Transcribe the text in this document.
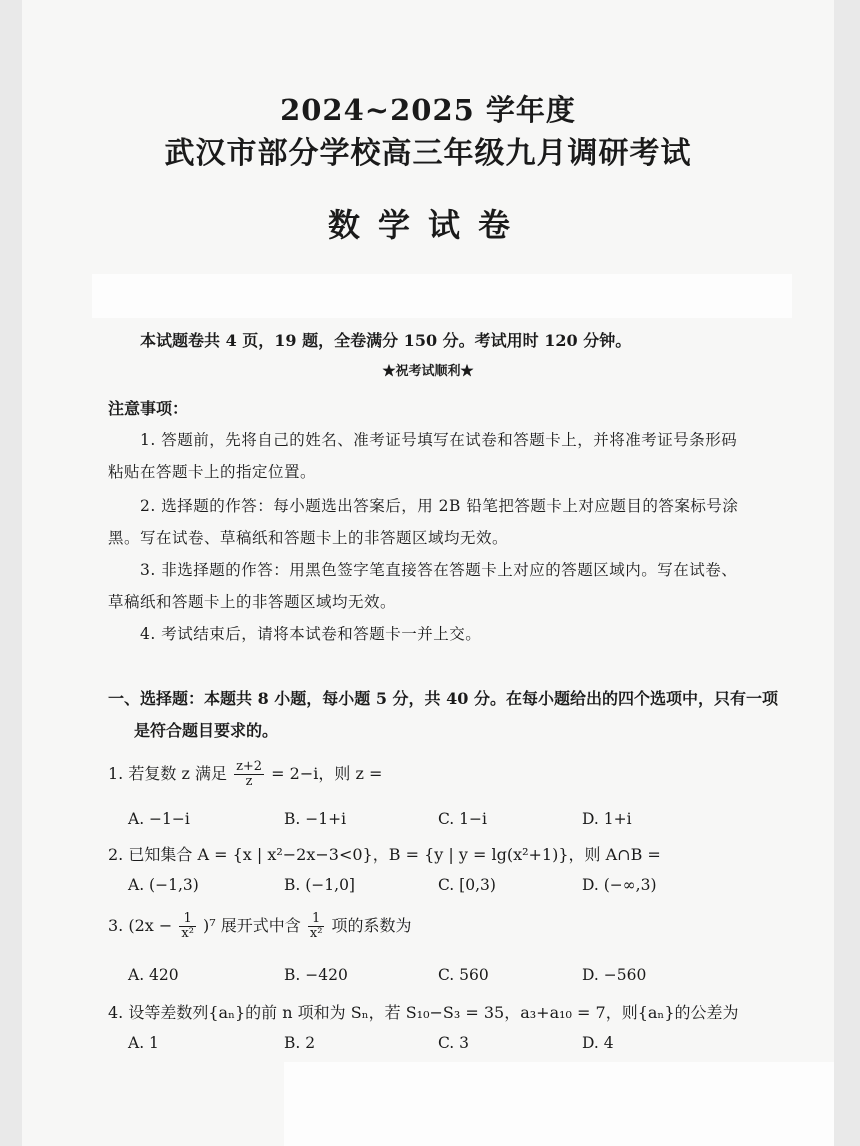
2024~2025 学年度
武汉市部分学校高三年级九月调研考试
数学试卷
本试题卷共 4 页，19 题，全卷满分 150 分。考试用时 120 分钟。
★祝考试顺利★
注意事项：
1. 答题前，先将自己的姓名、准考证号填写在试卷和答题卡上，并将准考证号条形码
粘贴在答题卡上的指定位置。
2. 选择题的作答：每小题选出答案后，用 2B 铅笔把答题卡上对应题目的答案标号涂
黑。写在试卷、草稿纸和答题卡上的非答题区域均无效。
3. 非选择题的作答：用黑色签字笔直接答在答题卡上对应的答题区域内。写在试卷、
草稿纸和答题卡上的非答题区域均无效。
4. 考试结束后，请将本试卷和答题卡一并上交。
一、选择题：本题共 8 小题，每小题 5 分，共 40 分。在每小题给出的四个选项中，只有一项
是符合题目要求的。
1. 若复数 z 满足 $\frac{z+2}{z} = 2-i$，则 z =
A. −1−i	B. −1+i	C. 1−i	D. 1+i
2. 已知集合 A = {x | x²−2x−3<0}，B = {y | y = lg(x²+1)}，则 A∩B =
A. (−1,3)	B. (−1,0]	C. [0,3)	D. (−∞,3)
3. $(2x - \frac{1}{\text{x²}} )^7$ 展开式中含 $\frac{1}{\text{x²}}$ 项的系数为
A. 420	B. −420	C. 560	D. −560
4. 设等差数列{aₙ}的前 n 项和为 Sₙ，若 S₁₀−S₃ = 35，a₃+a₁₀ = 7，则{aₙ}的公差为
A. 1	B. 2	C. 3	D. 4
